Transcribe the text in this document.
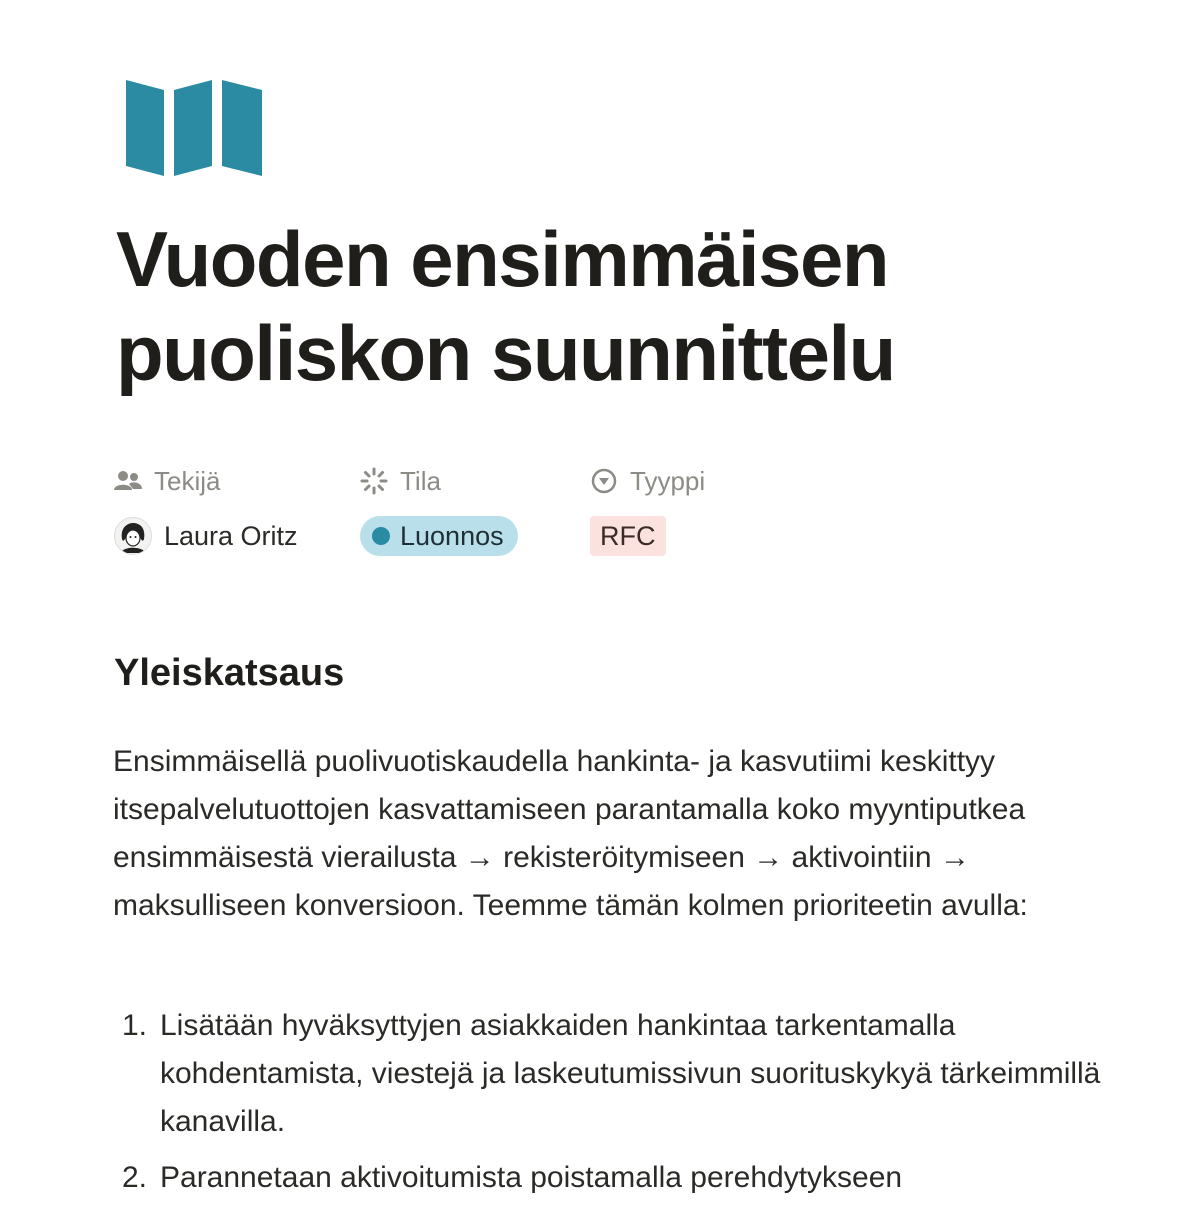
Vuoden ensimmäisen puoliskon suunnittelu
Tekijä
Laura Oritz
Tila
Luonnos
Tyyppi
RFC
Yleiskatsaus

Ensimmäisellä puolivuotiskaudella hankinta- ja kasvutiimi keskittyy itsepalvelutuottojen kasvattamiseen parantamalla koko myyntiputkea ensimmäisestä vierailusta → rekisteröitymiseen → aktivointiin → maksulliseen konversioon. Teemme tämän kolmen prioriteetin avulla:

1. Lisätään hyväksyttyjen asiakkaiden hankintaa tarkentamalla kohdentamista, viestejä ja laskeutumissivun suorituskykyä tärkeimmillä kanavilla.
2. Parannetaan aktivoitumista poistamalla perehdytykseen
